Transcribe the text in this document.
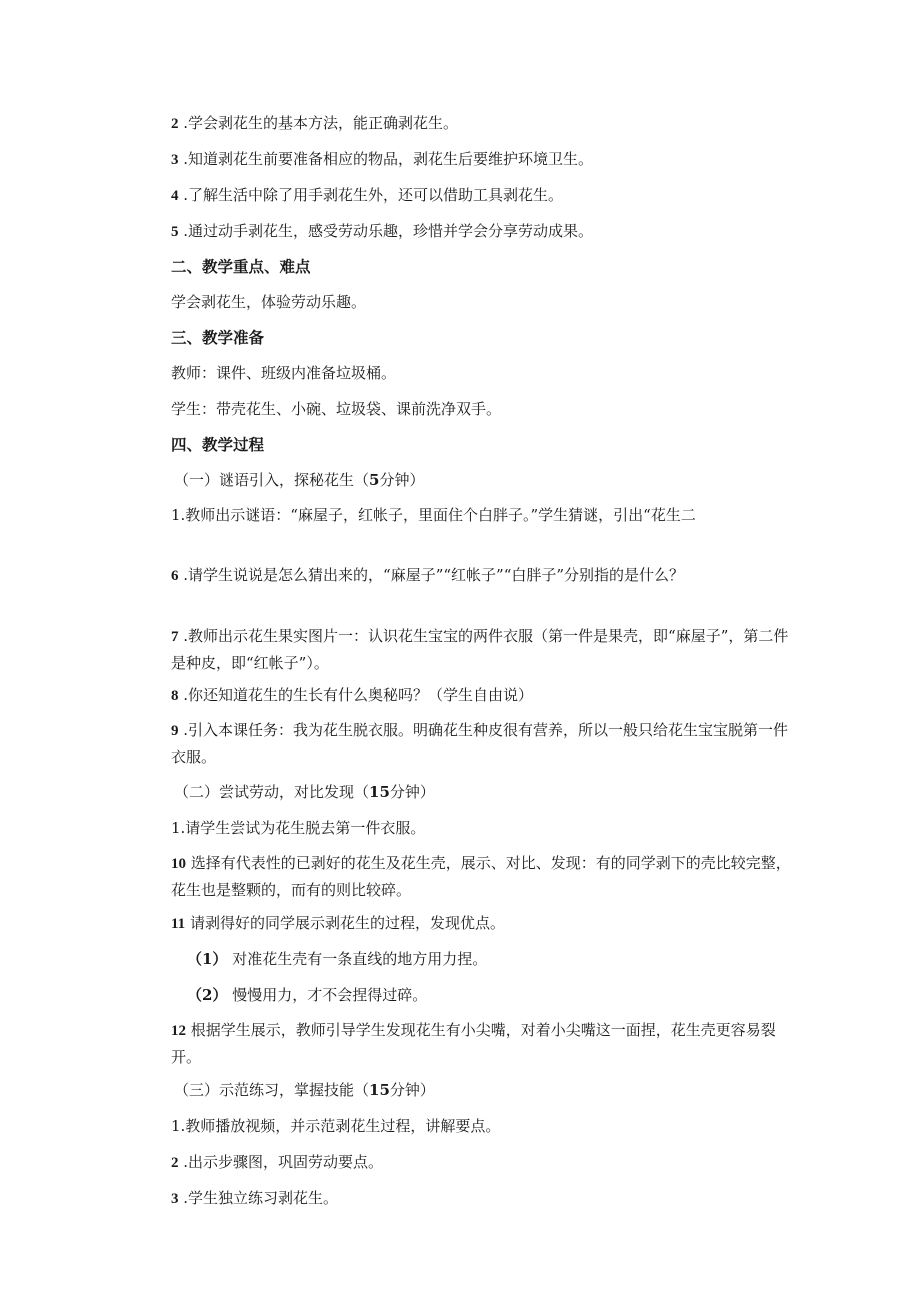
2 .学会剥花生的基本方法，能正确剥花生。
3 .知道剥花生前要准备相应的物品，剥花生后要维护环境卫生。
4 .了解生活中除了用手剥花生外，还可以借助工具剥花生。
5 .通过动手剥花生，感受劳动乐趣，珍惜并学会分享劳动成果。
二、教学重点、难点
学会剥花生，体验劳动乐趣。
三、教学准备
教师：课件、班级内准备垃圾桶。
学生：带壳花生、小碗、垃圾袋、课前洗净双手。
四、教学过程
（一）谜语引入，探秘花生（5分钟）
1.教师出示谜语：“麻屋子，红帐子，里面住个白胖子。”学生猜谜，引出“花生二
6 .请学生说说是怎么猜出来的，“麻屋子”“红帐子”“白胖子”分别指的是什么？
7 .教师出示花生果实图片一：认识花生宝宝的两件衣服（第一件是果壳，即“麻屋子”，第二件是种皮，即“红帐子”）。
8 .你还知道花生的生长有什么奥秘吗？（学生自由说）
9 .引入本课任务：我为花生脱衣服。明确花生种皮很有营养，所以一般只给花生宝宝脱第一件衣服。
（二）尝试劳动，对比发现（15分钟）
1.请学生尝试为花生脱去第一件衣服。
10 选择有代表性的已剥好的花生及花生壳，展示、对比、发现：有的同学剥下的壳比较完整，花生也是整颗的，而有的则比较碎。
11 请剥得好的同学展示剥花生的过程，发现优点。
（1） 对准花生壳有一条直线的地方用力捏。
（2） 慢慢用力，才不会捏得过碎。
12 根据学生展示，教师引导学生发现花生有小尖嘴，对着小尖嘴这一面捏，花生壳更容易裂开。
（三）示范练习，掌握技能（15分钟）
1.教师播放视频，并示范剥花生过程，讲解要点。
2 .出示步骤图，巩固劳动要点。
3 .学生独立练习剥花生。
